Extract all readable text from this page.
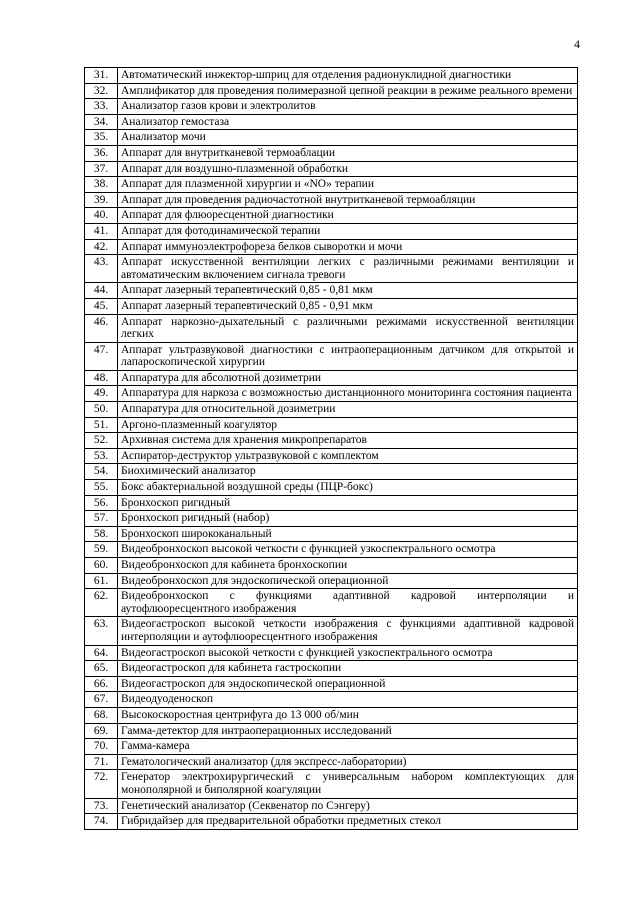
4
31.	Автоматический инжектор-шприц для отделения радионуклидной диагностики
32.	Амплификатор для проведения полимеразной цепной реакции в режиме реального времени
33.	Анализатор газов крови и электролитов
34.	Анализатор гемостаза
35.	Анализатор мочи
36.	Аппарат для внутритканевой термоаблации
37.	Аппарат для воздушно-плазменной обработки
38.	Аппарат для плазменной хирургии и «NO» терапии
39.	Аппарат для проведения радиочастотной внутритканевой термоабляции
40.	Аппарат для флюоресцентной диагностики
41.	Аппарат для фотодинамической терапии
42.	Аппарат иммуноэлектрофореза белков сыворотки и мочи
43.	Аппарат искусственной вентиляции легких с различными режимами вентиляции и автоматическим включением сигнала тревоги
44.	Аппарат лазерный терапевтический 0,85 - 0,81 мкм
45.	Аппарат лазерный терапевтический 0,85 - 0,91 мкм
46.	Аппарат наркозно-дыхательный с различными режимами искусственной вентиляции легких
47.	Аппарат ультразвуковой диагностики с интраоперационным датчиком для открытой и лапароскопической хирургии
48.	Аппаратура для абсолютной дозиметрии
49.	Аппаратура для наркоза с возможностью дистанционного мониторинга состояния пациента
50.	Аппаратура для относительной дозиметрии
51.	Аргоно-плазменный коагулятор
52.	Архивная система для хранения микропрепаратов
53.	Аспиратор-деструктор ультразвуковой с комплектом
54.	Биохимический анализатор
55.	Бокс абактериальной воздушной среды (ПЦР-бокс)
56.	Бронхоскоп ригидный
57.	Бронхоскоп ригидный (набор)
58.	Бронхоскоп ширококанальный
59.	Видеобронхоскоп высокой четкости с функцией узкоспектрального осмотра
60.	Видеобронхоскоп для кабинета бронхоскопии
61.	Видеобронхоскоп для эндоскопической операционной
62.	Видеобронхоскоп с функциями адаптивной кадровой интерполяции и аутофлюоресцентного изображения
63.	Видеогастроскоп высокой четкости изображения с функциями адаптивной кадровой интерполяции и аутофлюоресцентного изображения
64.	Видеогастроскоп высокой четкости с функцией узкоспектрального осмотра
65.	Видеогастроскоп для кабинета гастроскопии
66.	Видеогастроскоп для эндоскопической операционной
67.	Видеодуоденоскоп
68.	Высокоскоростная центрифуга до 13 000 об/мин
69.	Гамма-детектор для интраоперационных исследований
70.	Гамма-камера
71.	Гематологический анализатор (для экспресс-лаборатории)
72.	Генератор электрохирургический с универсальным набором комплектующих для монополярной и биполярной коагуляции
73.	Генетический анализатор (Секвенатор по Сэнгеру)
74.	Гибридайзер для предварительной обработки предметных стекол
